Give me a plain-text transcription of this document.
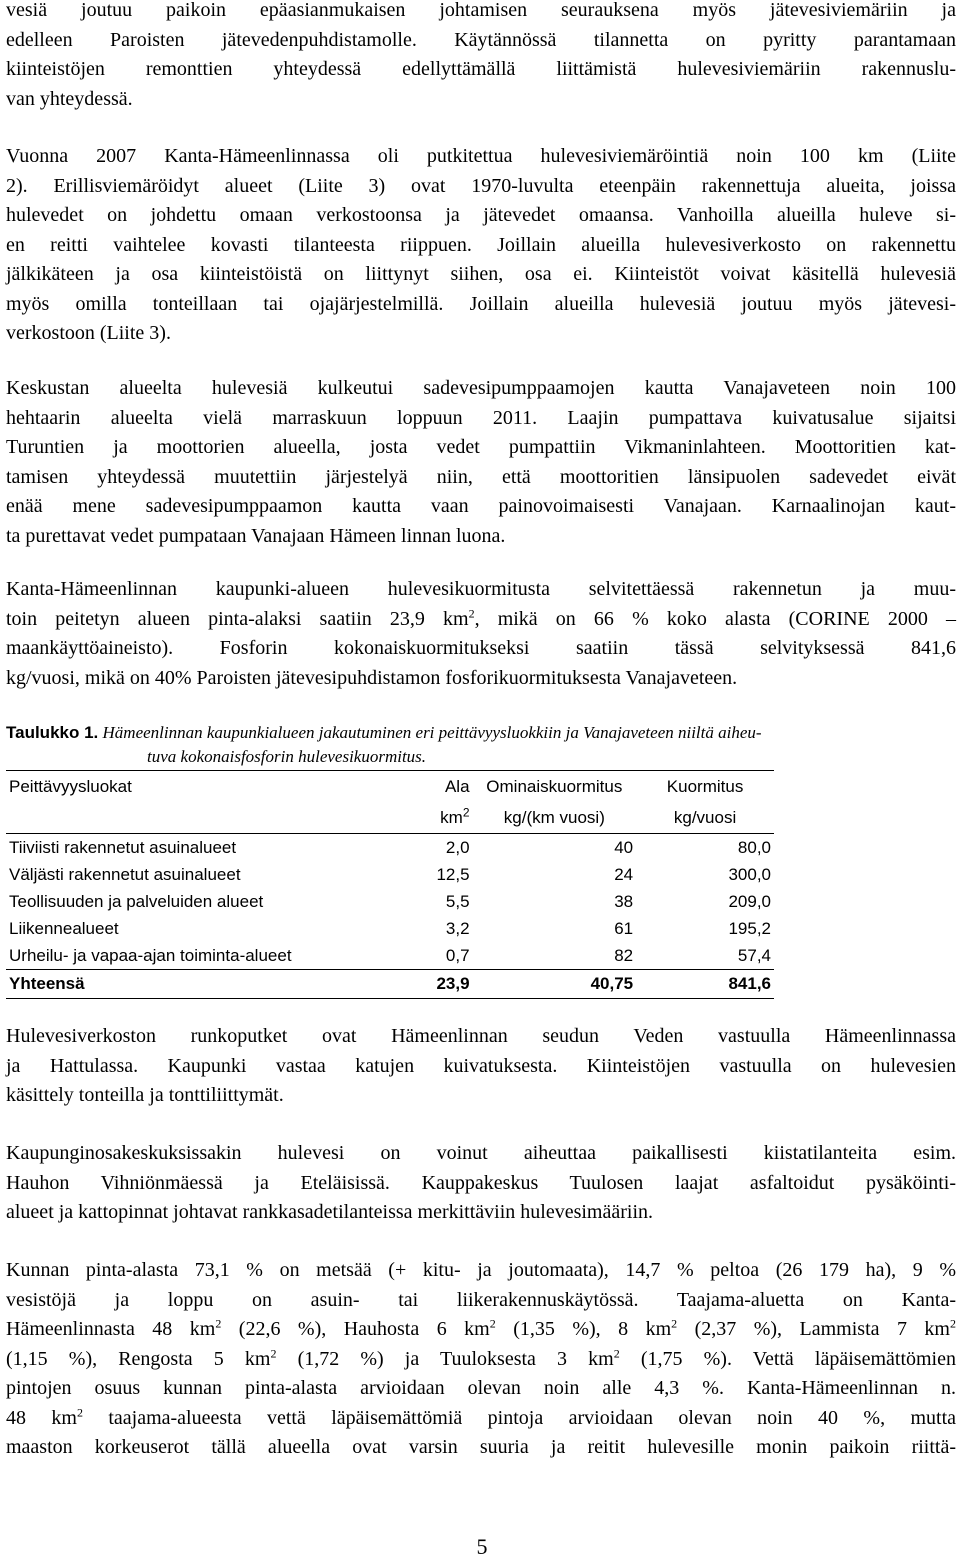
vesiä joutuu paikoin epäasianmukaisen johtamisen seurauksena myös jätevesiviemäriin ja
edelleen Paroisten jätevedenpuhdistamolle. Käytännössä tilannetta on pyritty parantamaan
kiinteistöjen remonttien yhteydessä edellyttämällä liittämistä hulevesiviemäriin rakennuslu-
van yhteydessä.
Vuonna 2007 Kanta-Hämeenlinnassa oli putkitettua hulevesiviemäröintiä noin 100 km (Liite
2). Erillisviemäröidyt alueet (Liite 3) ovat 1970-luvulta eteenpäin rakennettuja alueita, joissa
hulevedet on johdettu omaan verkostoonsa ja jätevedet omaansa. Vanhoilla alueilla huleve si-
en reitti vaihtelee kovasti tilanteesta riippuen. Joillain alueilla hulevesiverkosto on rakennettu
jälkikäteen ja osa kiinteistöistä on liittynyt siihen, osa ei. Kiinteistöt voivat käsitellä hulevesiä
myös omilla tonteillaan tai ojajärjestelmillä. Joillain alueilla hulevesiä joutuu myös jätevesi-
verkostoon (Liite 3).
Keskustan alueelta hulevesiä kulkeutui sadevesipumppaamojen kautta Vanajaveteen noin 100
hehtaarin alueelta vielä marraskuun loppuun 2011. Laajin pumpattava kuivatusalue sijaitsi
Turuntien ja moottorien alueella, josta vedet pumpattiin Vikmaninlahteen. Moottoritien kat-
tamisen yhteydessä muutettiin järjestelyä niin, että moottoritien länsipuolen sadevedet eivät
enää mene sadevesipumppaamon kautta vaan painovoimaisesti Vanajaan. Karnaalinojan kaut-
ta purettavat vedet pumpataan Vanajaan Hämeen linnan luona.
Kanta-Hämeenlinnan kaupunki-alueen hulevesikuormitusta selvitettäessä rakennetun ja muu-
toin peitetyn alueen pinta-alaksi saatiin 23,9 $km^2$, mikä on 66 % koko alasta (CORINE 2000 –
maankäyttöaineisto). Fosforin kokonaiskuormitukseksi saatiin tässä selvityksessä 841,6
kg/vuosi, mikä on 40% Paroisten jätevesipuhdistamon fosforikuormituksesta Vanajaveteen.
Taulukko 1. Hämeenlinnan kaupunkialueen jakautuminen eri peittävyysluokkiin ja Vanajaveteen niiltä aiheu-
tuva kokonaisfosforin hulevesikuormitus.
Peittävyysluokat	Ala	Ominaiskuormitus	Kuormitus
	$km^2$	kg/(km vuosi)	kg/vuosi
Tiiviisti rakennetut asuinalueet	2,0	40	80,0
Väljästi rakennetut asuinalueet	12,5	24	300,0
Teollisuuden ja palveluiden alueet	5,5	38	209,0
Liikennealueet	3,2	61	195,2
Urheilu- ja vapaa-ajan toiminta-alueet	0,7	82	57,4
Yhteensä	23,9	40,75	841,6
Hulevesiverkoston runkoputket ovat Hämeenlinnan seudun Veden vastuulla Hämeenlinnassa
ja Hattulassa. Kaupunki vastaa katujen kuivatuksesta. Kiinteistöjen vastuulla on hulevesien
käsittely tonteilla ja tonttiliittymät.
Kaupunginosakeskuksissakin hulevesi on voinut aiheuttaa paikallisesti kiistatilanteita esim.
Hauhon Vihniönmäessä ja Eteläisissä. Kauppakeskus Tuulosen laajat asfaltoidut pysäköinti-
alueet ja kattopinnat johtavat rankkasadetilanteissa merkittäviin hulevesimääriin.
Kunnan pinta-alasta 73,1 % on metsää (+ kitu- ja joutomaata), 14,7 % peltoa (26 179 ha), 9 %
vesistöjä ja loppu on asuin- tai liikerakennuskäytössä. Taajama-aluetta on Kanta-
Hämeenlinnasta 48 $km^2$ (22,6 %), Hauhosta 6 $km^2$ (1,35 %), 8 $km^2$ (2,37 %), Lammista 7 $km^2$
(1,15 %), Rengosta 5 $km^2$ (1,72 %) ja Tuuloksesta 3 $km^2$ (1,75 %). Vettä läpäisemättömien
pintojen osuus kunnan pinta-alasta arvioidaan olevan noin alle 4,3 %. Kanta-Hämeenlinnan n.
48 $km^2$ taajama-alueesta vettä läpäisemättömiä pintoja arvioidaan olevan noin 40 %, mutta
maaston korkeuserot tällä alueella ovat varsin suuria ja reitit hulevesille monin paikoin riittä-
5
